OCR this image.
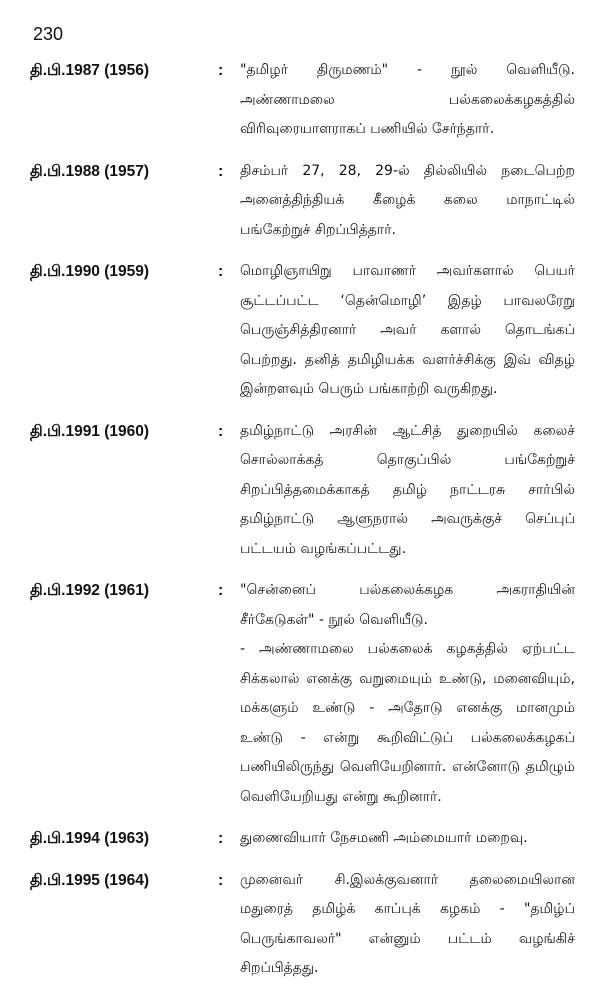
230
தி.பி.1987 (1956)	:	"தமிழர் திருமணம்" - நூல் வெளியீடு. அண்ணாமலை பல்கலைக்கழகத்தில் விரிவுரையாளராகப் பணியில் சேர்ந்தார்.

தி.பி.1988 (1957)	:	திசம்பர் 27, 28, 29-ல் தில்லியில் நடைபெற்ற அனைத்திந்தியக் கீழைக் கலை மாநாட்டில் பங்கேற்றுச் சிறப்பித்தார்.

தி.பி.1990 (1959)	:	மொழிஞாயிறு பாவாணர் அவர்களால் பெயர் சூட்டப்பட்ட ‘தென்மொழி’ இதழ் பாவலரேறு பெருஞ்சித்திரனார் அவர் களால் தொடங்கப் பெற்றது. தனித் தமிழியக்க வளர்ச்சிக்கு இவ் விதழ் இன்றளவும் பெரும் பங்காற்றி வருகிறது.

தி.பி.1991 (1960)	:	தமிழ்நாட்டு அரசின் ஆட்சித் துறையில் கலைச் சொல்லாக்கத் தொகுப்பில் பங்கேற்றுச் சிறப்பித்தமைக்காகத் தமிழ் நாட்டரசு சார்பில் தமிழ்நாட்டு ஆளுநரால் அவருக்குச் செப்புப் பட்டயம் வழங்கப்பட்டது.

தி.பி.1992 (1961)	:	"சென்னைப் பல்கலைக்கழக அகராதியின் சீர்கேடுகள்" - நூல் வெளியீடு.

- அண்ணாமலை பல்கலைக் கழகத்தில் ஏற்பட்ட சிக்கலால் எனக்கு வறுமையும் உண்டு, மனைவியும், மக்களும் உண்டு - அதோடு எனக்கு மானமும் உண்டு - என்று கூறிவிட்டுப் பல்கலைக்கழகப் பணியிலிருந்து வெளியேறினார். என்னோடு தமிழும் வெளியேறியது என்று கூறினார்.

தி.பி.1994 (1963)	:	துணைவியார் நேசமணி அம்மையார் மறைவு.

தி.பி.1995 (1964)	:	முனைவர் சி.இலக்குவனார் தலைமையிலான மதுரைத் தமிழ்க் காப்புக் கழகம் - "தமிழ்ப் பெருங்காவலர்" என்னும் பட்டம் வழங்கிச் சிறப்பித்தது.
